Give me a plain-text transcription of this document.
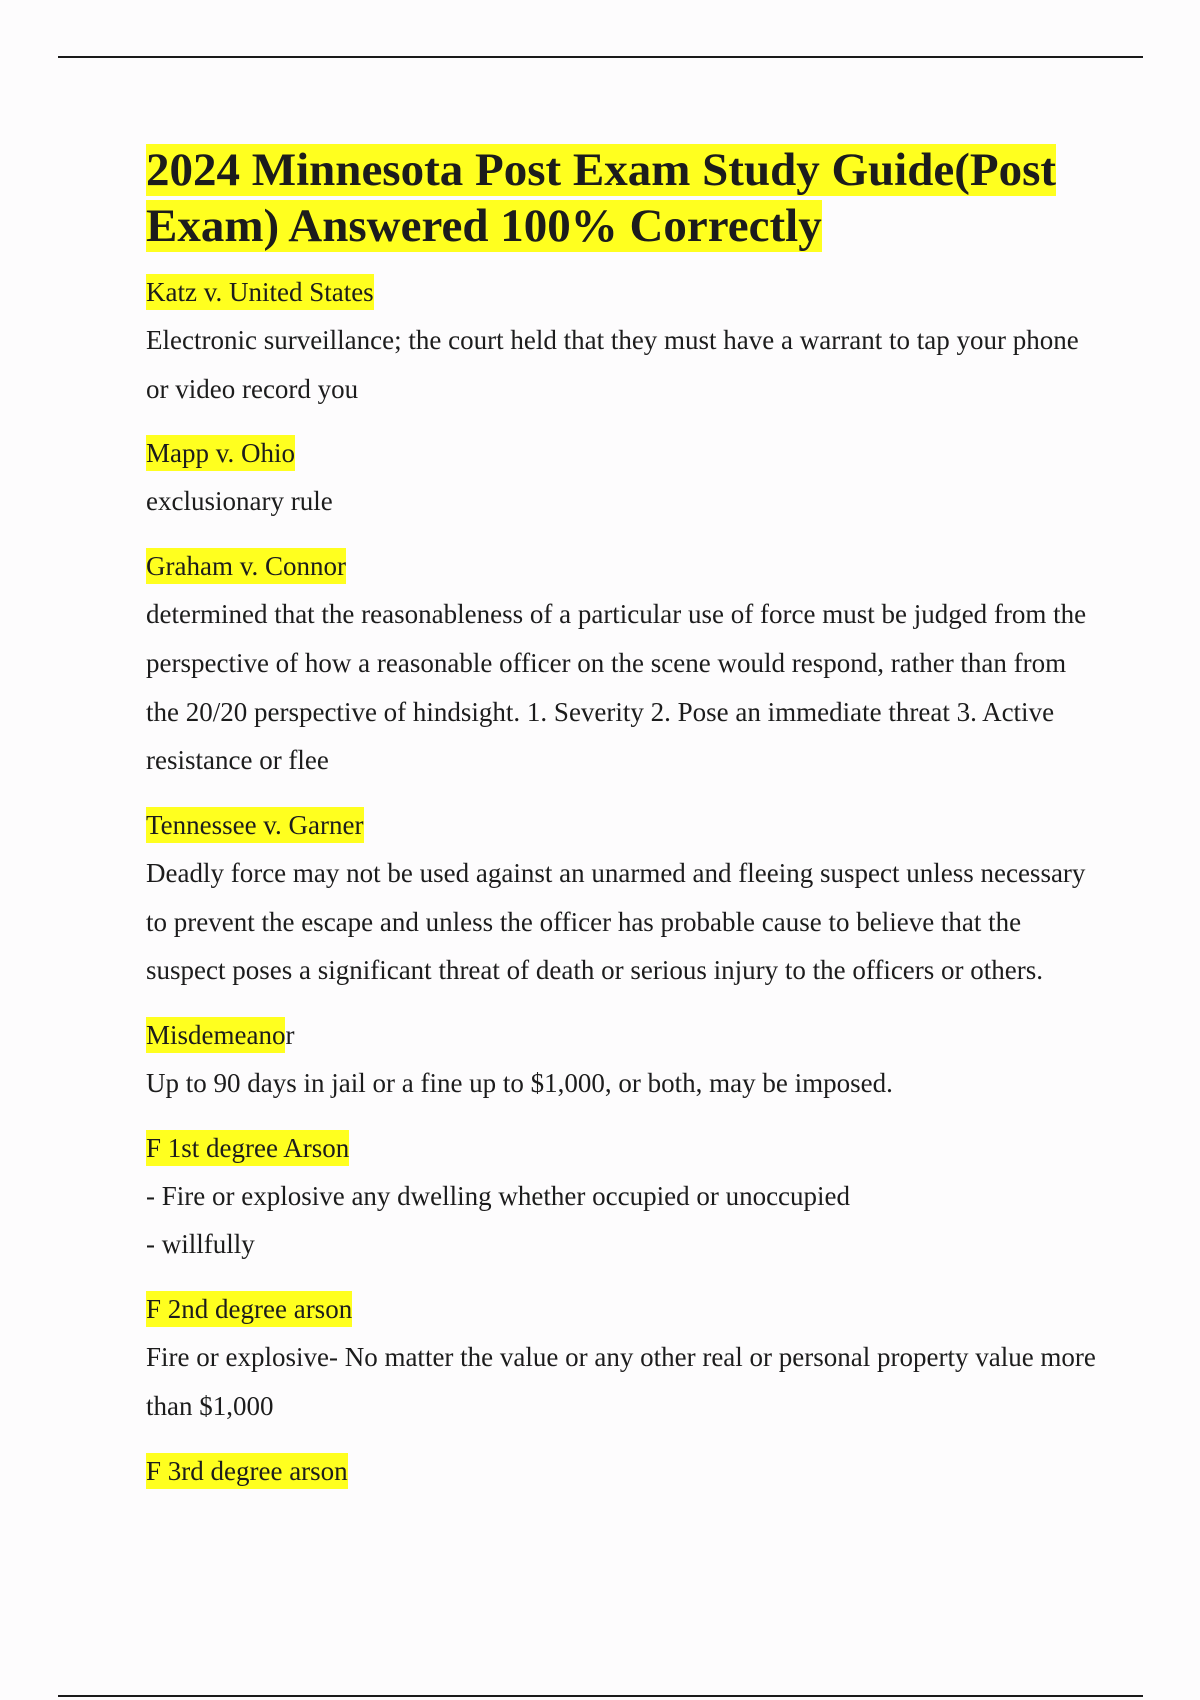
2024 Minnesota Post Exam Study Guide(Post Exam) Answered 100% Correctly

Katz v. United States

Electronic surveillance; the court held that they must have a warrant to tap your phone or video record you

Mapp v. Ohio

exclusionary rule

Graham v. Connor

determined that the reasonableness of a particular use of force must be judged from the perspective of how a reasonable officer on the scene would respond, rather than from the 20/20 perspective of hindsight. 1. Severity 2. Pose an immediate threat 3. Active resistance or flee

Tennessee v. Garner

Deadly force may not be used against an unarmed and fleeing suspect unless necessary to prevent the escape and unless the officer has probable cause to believe that the suspect poses a significant threat of death or serious injury to the officers or others.

Misdemeanor

Up to 90 days in jail or a fine up to $1,000, or both, may be imposed.

F 1st degree Arson

- Fire or explosive any dwelling whether occupied or unoccupied

- willfully

F 2nd degree arson

Fire or explosive- No matter the value or any other real or personal property value more than $1,000

F 3rd degree arson
